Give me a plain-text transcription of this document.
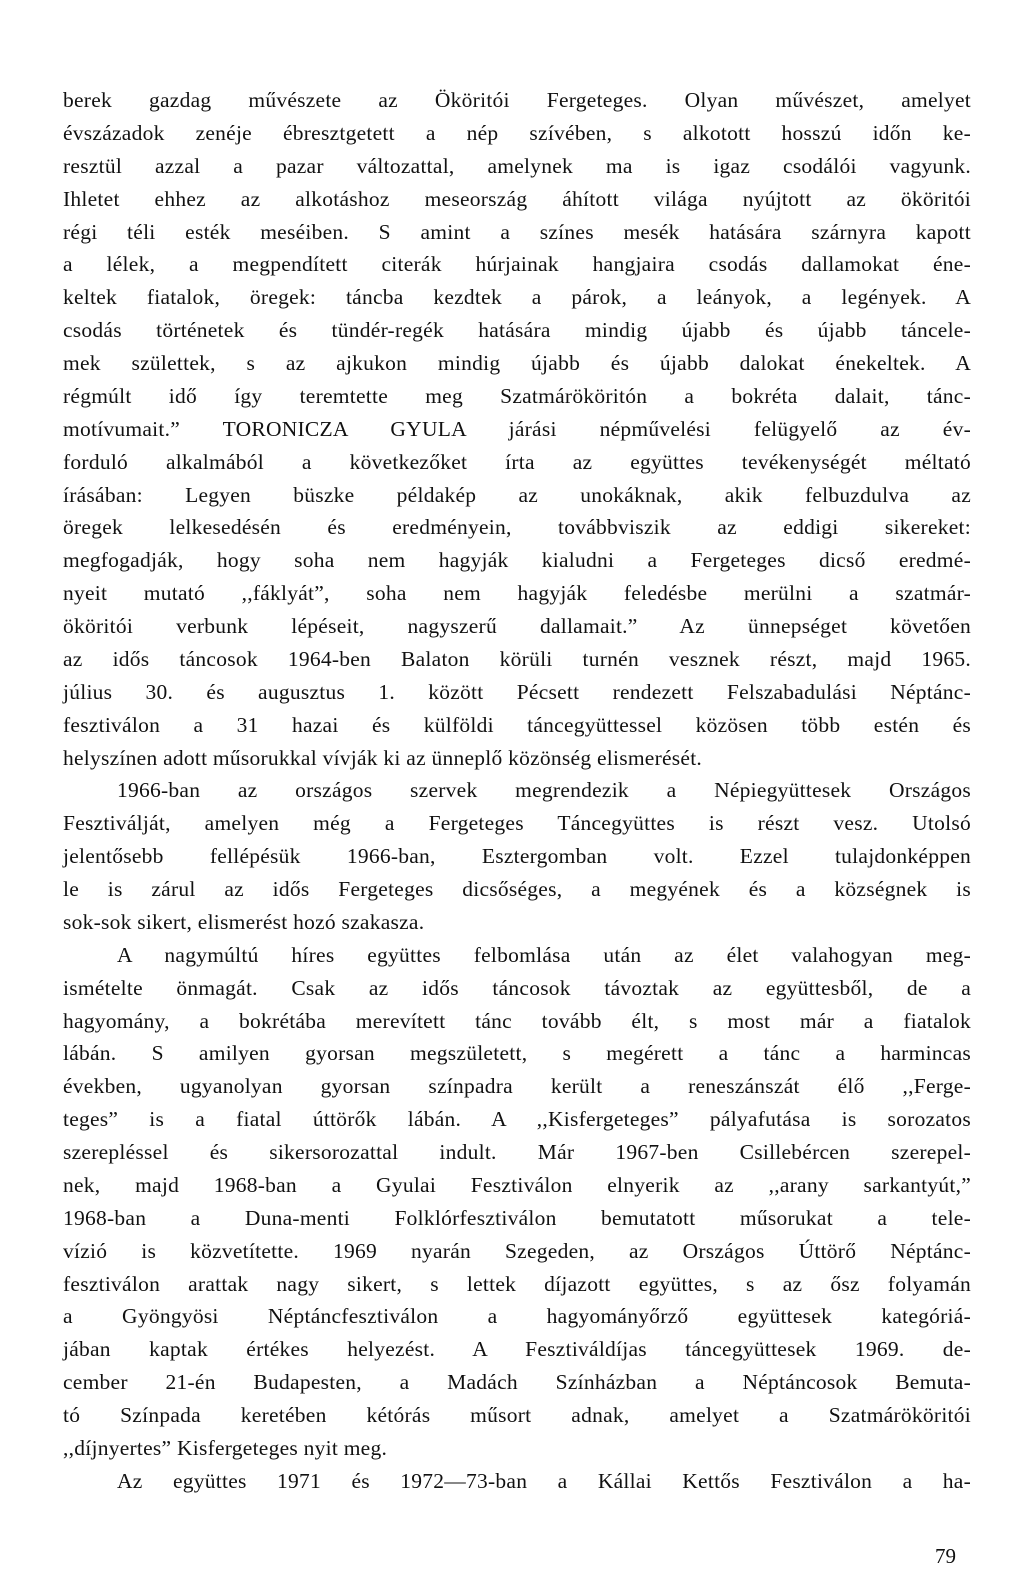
berek gazdag művészete az Ököritói Fergeteges. Olyan művészet, amelyet
évszázadok zenéje ébresztgetett a nép szívében, s alkotott hosszú időn ke-
resztül azzal a pazar változattal, amelynek ma is igaz csodálói vagyunk.
Ihletet ehhez az alkotáshoz meseország áhított világa nyújtott az ököritói
régi téli esték meséiben. S amint a színes mesék hatására szárnyra kapott
a lélek, a megpendített citerák húrjainak hangjaira csodás dallamokat éne-
keltek fiatalok, öregek: táncba kezdtek a párok, a leányok, a legények. A
csodás történetek és tündér-regék hatására mindig újabb és újabb táncele-
mek születtek, s az ajkukon mindig újabb és újabb dalokat énekeltek. A
régmúlt idő így teremtette meg Szatmárököritón a bokréta dalait, tánc-
motívumait.” TORONICZA GYULA járási népművelési felügyelő az év-
forduló alkalmából a következőket írta az együttes tevékenységét méltató
írásában: Legyen büszke példakép az unokáknak, akik felbuzdulva az
öregek lelkesedésén és eredményein, továbbviszik az eddigi sikereket:
megfogadják, hogy soha nem hagyják kialudni a Fergeteges dicső eredmé-
nyeit mutató ,,fáklyát”, soha nem hagyják feledésbe merülni a szatmár-
ököritói verbunk lépéseit, nagyszerű dallamait.” Az ünnepséget követően
az idős táncosok 1964-ben Balaton körüli turnén vesznek részt, majd 1965.
július 30. és augusztus 1. között Pécsett rendezett Felszabadulási Néptánc-
fesztiválon a 31 hazai és külföldi táncegyüttessel közösen több estén és
helyszínen adott műsorukkal vívják ki az ünneplő közönség elismerését.
1966-ban az országos szervek megrendezik a Népiegyüttesek Országos
Fesztiválját, amelyen még a Fergeteges Táncegyüttes is részt vesz. Utolsó
jelentősebb fellépésük 1966-ban, Esztergomban volt. Ezzel tulajdonképpen
le is zárul az idős Fergeteges dicsőséges, a megyének és a községnek is
sok-sok sikert, elismerést hozó szakasza.
A nagymúltú híres együttes felbomlása után az élet valahogyan meg-
ismételte önmagát. Csak az idős táncosok távoztak az együttesből, de a
hagyomány, a bokrétába merevített tánc tovább élt, s most már a fiatalok
lábán. S amilyen gyorsan megszületett, s megérett a tánc a harmincas
években, ugyanolyan gyorsan színpadra került a reneszánszát élő ,,Ferge-
teges” is a fiatal úttörők lábán. A ,,Kisfergeteges” pályafutása is sorozatos
szerepléssel és sikersorozattal indult. Már 1967-ben Csillebércen szerepel-
nek, majd 1968-ban a Gyulai Fesztiválon elnyerik az ,,arany sarkantyút,”
1968-ban a Duna-menti Folklórfesztiválon bemutatott műsorukat a tele-
vízió is közvetítette. 1969 nyarán Szegeden, az Országos Úttörő Néptánc-
fesztiválon arattak nagy sikert, s lettek díjazott együttes, s az ősz folyamán
a Gyöngyösi Néptáncfesztiválon a hagyományőrző együttesek kategóriá-
jában kaptak értékes helyezést. A Fesztiváldíjas táncegyüttesek 1969. de-
cember 21-én Budapesten, a Madách Színházban a Néptáncosok Bemuta-
tó Színpada keretében kétórás műsort adnak, amelyet a Szatmárököritói
,,díjnyertes” Kisfergeteges nyit meg.
Az együttes 1971 és 1972—73-ban a Kállai Kettős Fesztiválon a ha-
79
